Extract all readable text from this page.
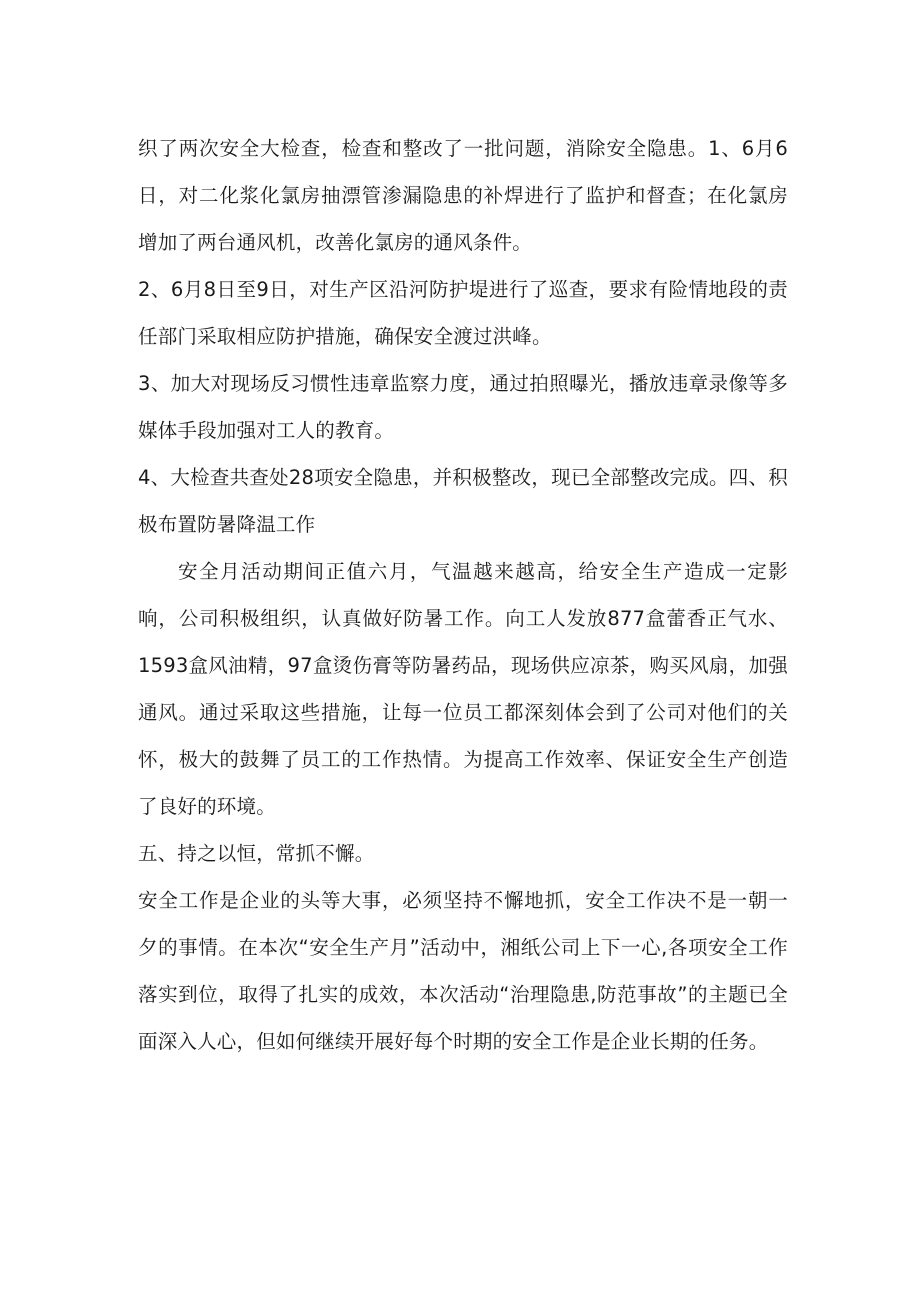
织了两次安全大检查，检查和整改了一批问题，消除安全隐患。1、6月6日，对二化浆化氯房抽漂管渗漏隐患的补焊进行了监护和督查；在化氯房增加了两台通风机，改善化氯房的通风条件。

2、6月8日至9日，对生产区沿河防护堤进行了巡查，要求有险情地段的责任部门采取相应防护措施，确保安全渡过洪峰。

3、加大对现场反习惯性违章监察力度，通过拍照曝光，播放违章录像等多媒体手段加强对工人的教育。

4、大检查共查处28项安全隐患，并积极整改，现已全部整改完成。四、积极布置防暑降温工作

安全月活动期间正值六月，气温越来越高，给安全生产造成一定影响，公司积极组织，认真做好防暑工作。向工人发放877盒蕾香正气水、1593盒风油精，97盒烫伤膏等防暑药品，现场供应凉茶，购买风扇，加强通风。通过采取这些措施，让每一位员工都深刻体会到了公司对他们的关怀，极大的鼓舞了员工的工作热情。为提高工作效率、保证安全生产创造了良好的环境。

五、持之以恒，常抓不懈。

安全工作是企业的头等大事，必须坚持不懈地抓，安全工作决不是一朝一夕的事情。在本次“安全生产月”活动中，湘纸公司上下一心,各项安全工作落实到位，取得了扎实的成效，本次活动“治理隐患,防范事故”的主题已全面深入人心，但如何继续开展好每个时期的安全工作是企业长期的任务。
